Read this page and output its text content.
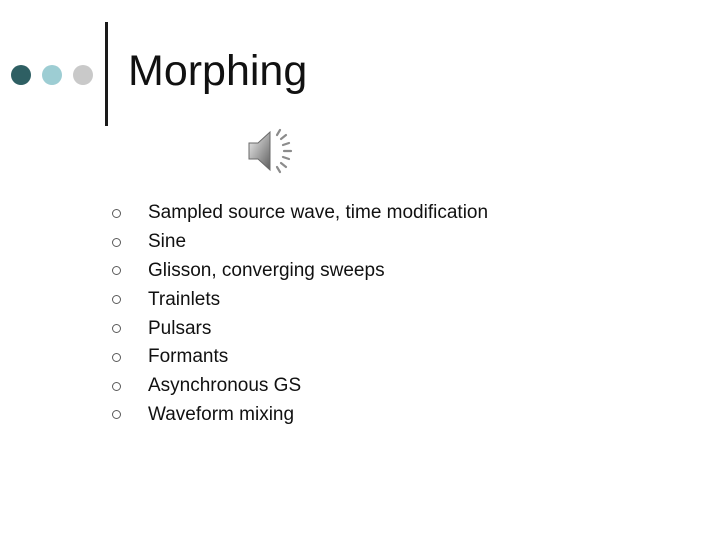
Morphing
Sampled source wave, time modification
Sine
Glisson, converging sweeps
Trainlets
Pulsars
Formants
Asynchronous GS
Waveform mixing
